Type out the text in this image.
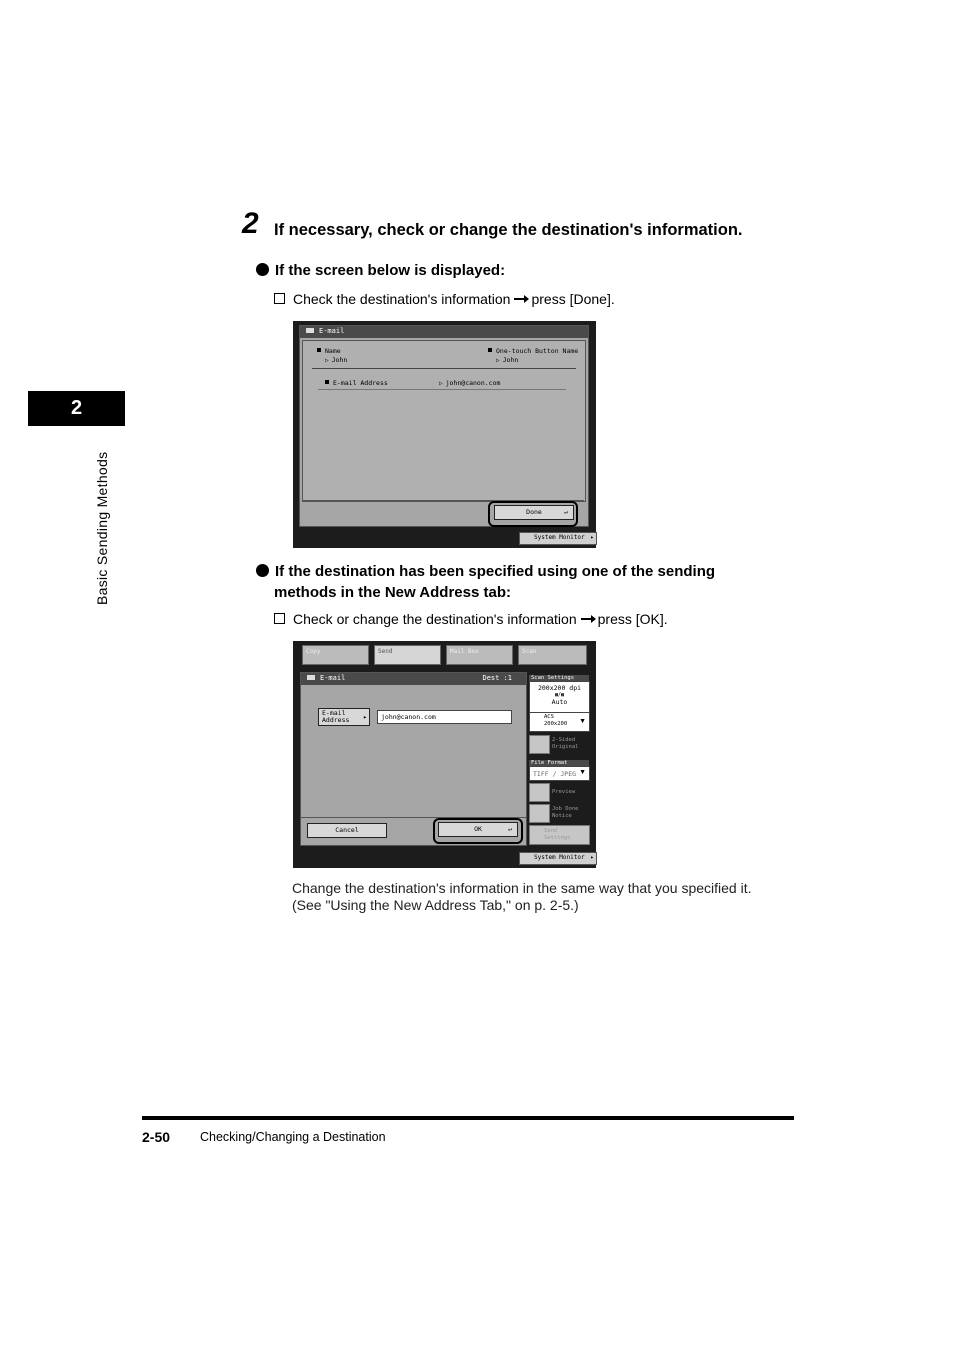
2
Basic Sending Methods
2 If necessary, check or change the destination's information.
If the screen below is displayed:
Check the destination's information press [Done].
E-mail
Name
▷ John
One-touch Button Name
▷ John
E-mail Address	▷ john@canon.com
Done	↵
System Monitor ▸
If the destination has been specified using one of the sending
methods in the New Address tab:
Check or change the destination's information press [OK].
Copy	Send	Mail Box	Scan
E-mail	Dest :1
E-mail
Address	▸	john@canon.com
Cancel	OK	↵
Scan Settings
200x200 dpi
▩/▩
Auto
ACS
200x200 ▼
2-Sided Original
File Format
TIFF / JPEG ▼
Preview
Job Done Notice
Send
Settings
System Monitor ▸
Change the destination's information in the same way that you specified it.
(See "Using the New Address Tab," on p. 2-5.)
2-50 Checking/Changing a Destination
